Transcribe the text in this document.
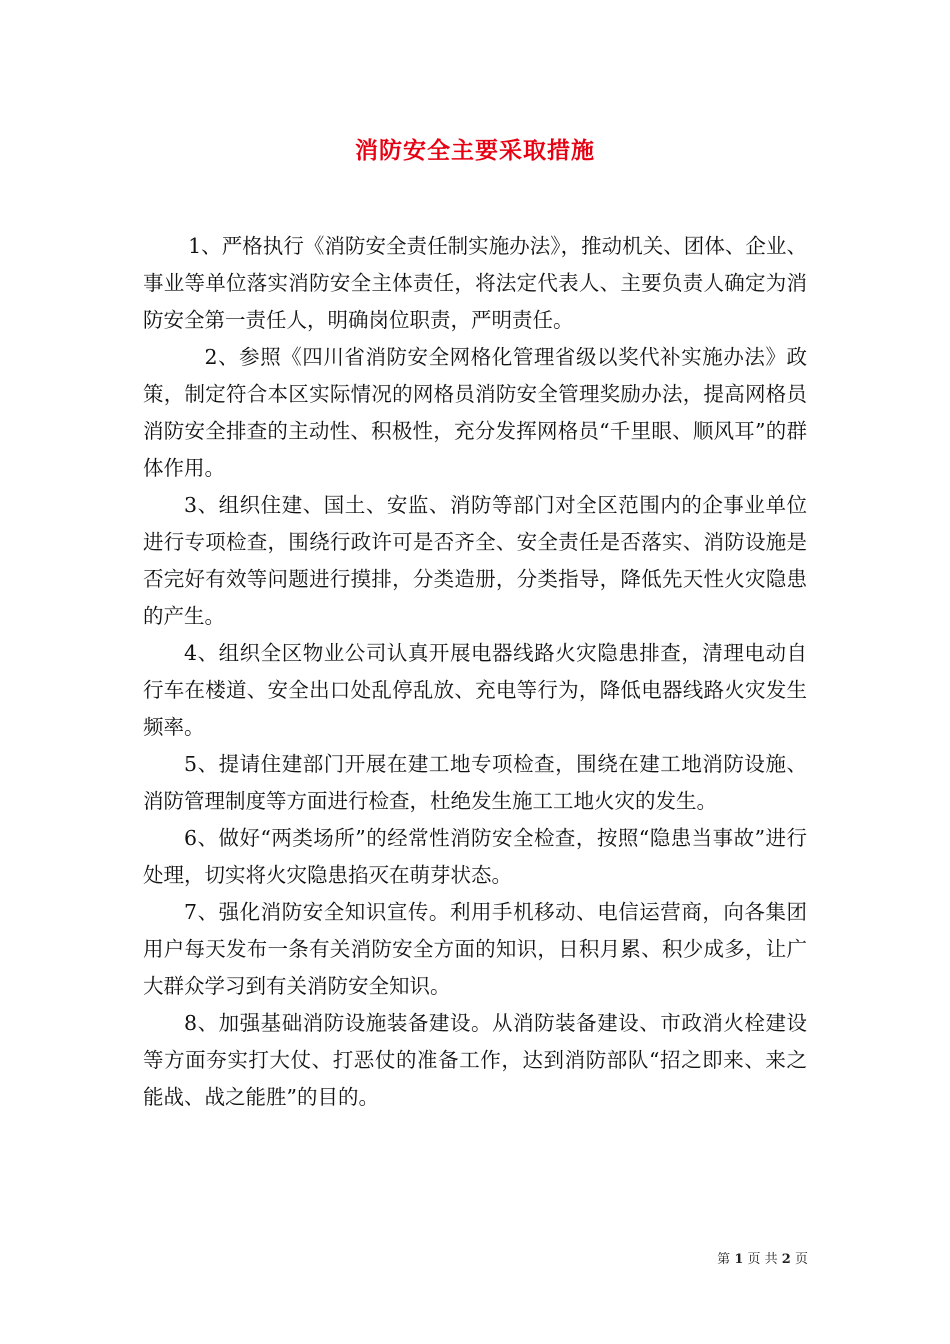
消防安全主要采取措施

1、严格执行《消防安全责任制实施办法》，推动机关、团体、企业、事业等单位落实消防安全主体责任，将法定代表人、主要负责人确定为消防安全第一责任人，明确岗位职责，严明责任。

2、参照《四川省消防安全网格化管理省级以奖代补实施办法》政策，制定符合本区实际情况的网格员消防安全管理奖励办法，提高网格员消防安全排查的主动性、积极性，充分发挥网格员“千里眼、顺风耳”的群体作用。

3、组织住建、国土、安监、消防等部门对全区范围内的企事业单位进行专项检查，围绕行政许可是否齐全、安全责任是否落实、消防设施是否完好有效等问题进行摸排，分类造册，分类指导，降低先天性火灾隐患的产生。

4、组织全区物业公司认真开展电器线路火灾隐患排查，清理电动自行车在楼道、安全出口处乱停乱放、充电等行为，降低电器线路火灾发生频率。

5、提请住建部门开展在建工地专项检查，围绕在建工地消防设施、消防管理制度等方面进行检查，杜绝发生施工工地火灾的发生。

6、做好“两类场所”的经常性消防安全检查，按照“隐患当事故”进行处理，切实将火灾隐患掐灭在萌芽状态。

7、强化消防安全知识宣传。利用手机移动、电信运营商，向各集团用户每天发布一条有关消防安全方面的知识，日积月累、积少成多，让广大群众学习到有关消防安全知识。

8、加强基础消防设施装备建设。从消防装备建设、市政消火栓建设等方面夯实打大仗、打恶仗的准备工作，达到消防部队“招之即来、来之能战、战之能胜”的目的。

第 1 页 共 2 页
